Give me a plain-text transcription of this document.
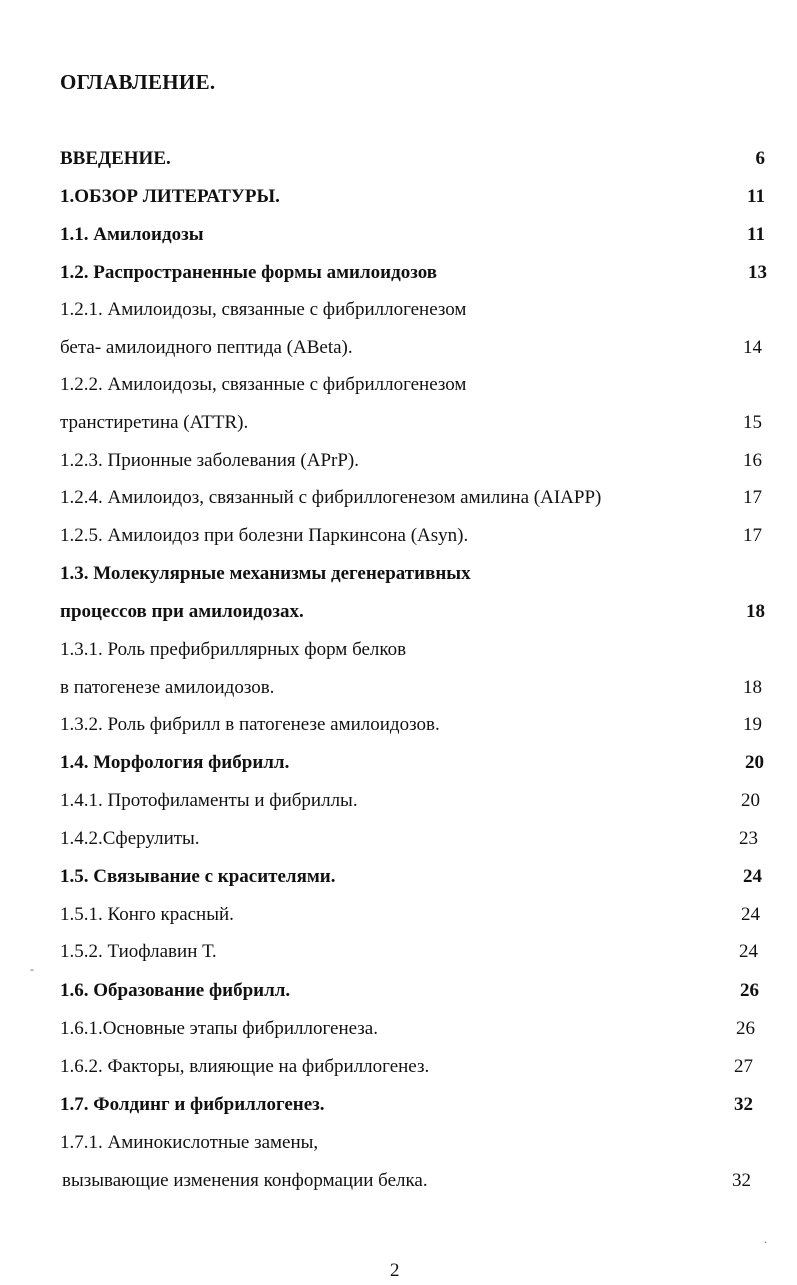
ОГЛАВЛЕНИЕ.
ВВЕДЕНИЕ.	6
1.ОБЗОР ЛИТЕРАТУРЫ.	11
1.1. Амилоидозы	11
1.2. Распространенные формы амилоидозов	13
1.2.1. Амилоидозы, связанные с фибриллогенезом
бета- амилоидного пептида (ABeta).	14
1.2.2. Амилоидозы, связанные с фибриллогенезом
транстиретина (ATTR).	15
1.2.3. Прионные заболевания (APrP).	16
1.2.4. Амилоидоз, связанный с фибриллогенезом амилина (AIAPP)	17
1.2.5. Амилоидоз при болезни Паркинсона (Asyn).	17
1.3. Молекулярные механизмы дегенеративных
процессов при амилоидозах.	18
1.3.1. Роль префибриллярных форм белков
в патогенезе амилоидозов.	18
1.3.2. Роль фибрилл в патогенезе амилоидозов.	19
1.4. Морфология фибрилл.	20
1.4.1. Протофиламенты и фибриллы.	20
1.4.2.Сферулиты.	23
1.5. Связывание с красителями.	24
1.5.1. Конго красный.	24
1.5.2. Тиофлавин Т.	24
1.6. Образование фибрилл.	26
1.6.1.Основные этапы фибриллогенеза.	26
1.6.2. Факторы, влияющие на фибриллогенез.	27
1.7. Фолдинг и фибриллогенез.	32
1.7.1. Аминокислотные замены,
вызывающие изменения конформации белка.	32
2
-
.
